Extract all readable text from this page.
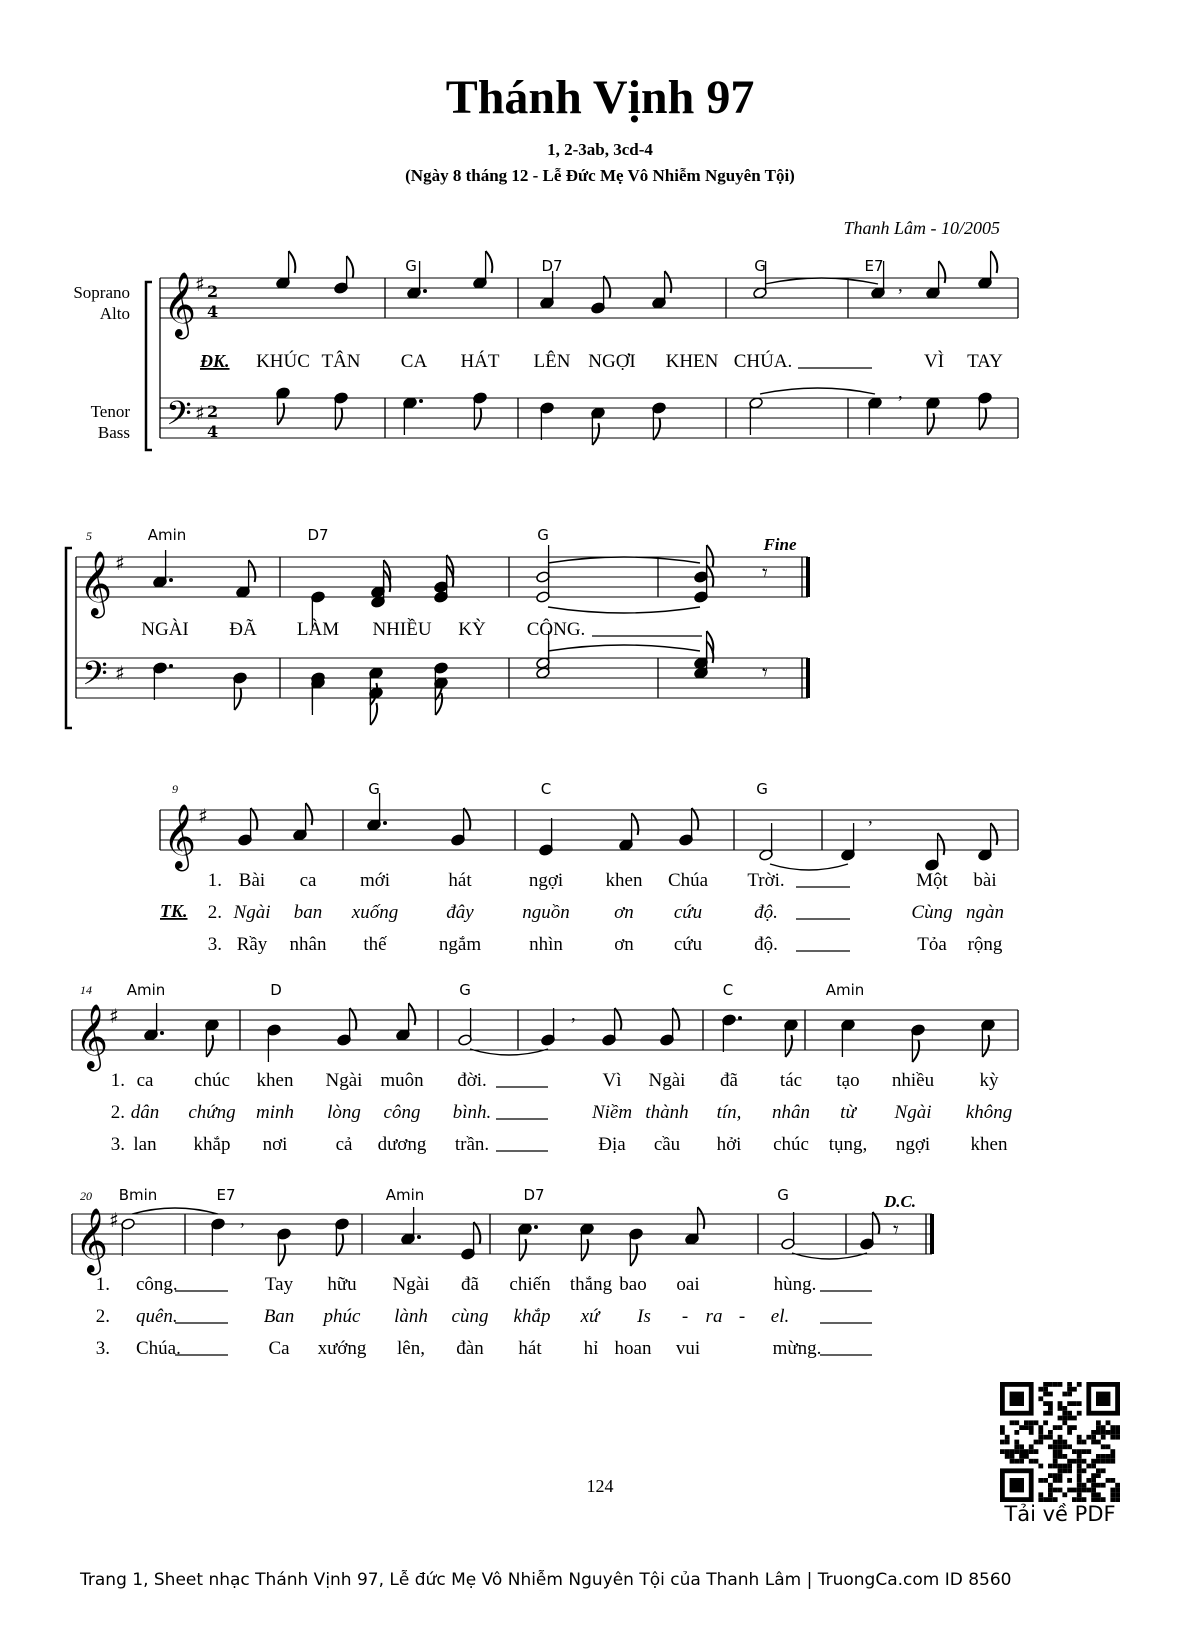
Thánh Vịnh 97
1, 2-3ab, 3cd-4
(Ngày 8 tháng 12 - Lễ Đức Mẹ Vô Nhiễm Nguyên Tội)
Thanh Lâm - 10/2005
Soprano
Alto
Tenor
Bass
𝄞
♯ 2
4
𝄢 ♯ 2
4
,
,
G	D7	G	E7
ĐK. KHÚC TÂN CA HÁT LÊN NGỢI KHEN CHÚA.	VÌ TAY
5
𝄞 ♯
𝄢 ♯
Fine
𝄾
𝄾
Amin	D7	G
NGÀI ĐÃ LÀM NHIỀU KỲ CÔNG.
9
𝄞 ♯	,
G	C	G
TK.
1. Bài ca mới	hát	ngợi khen Chúa Trời.	Một bài
2. Ngài ban xuống	đây	nguồn ơn cứu	độ.	Cùng ngàn
3. Rầy nhân thế	ngắm	nhìn	ơn cứu	độ.	Tỏa rộng
14
𝄞 ♯	,
Amin	D	G	C	Amin
1. ca chúc khen Ngài muôn đời.	Vì Ngài đã tác tạo nhiều kỳ
2. dân chứng minh lòng công bình.	Niềm thành tín, nhân từ Ngài không
3. lan khắp nơi	cả dương trần.	Địa cầu hởi chúc tụng, ngợi khen
20
𝄞 ♯
D.C.
𝄾
,
Bmin	E7	Amin	D7	G
1. công.	Tay hữu Ngài đã chiến thắng bao oai	hùng.
2. quên.	Ban phúc lành cùng khắp xứ Is - ra - el.
3. Chúa.	Ca xướng lên, đàn hát hỉ hoan vui	mừng.
124
Tải về PDF
Trang 1, Sheet nhạc Thánh Vịnh 97, Lễ đức Mẹ Vô Nhiễm Nguyên Tội của Thanh Lâm | TruongCa.com ID 8560
